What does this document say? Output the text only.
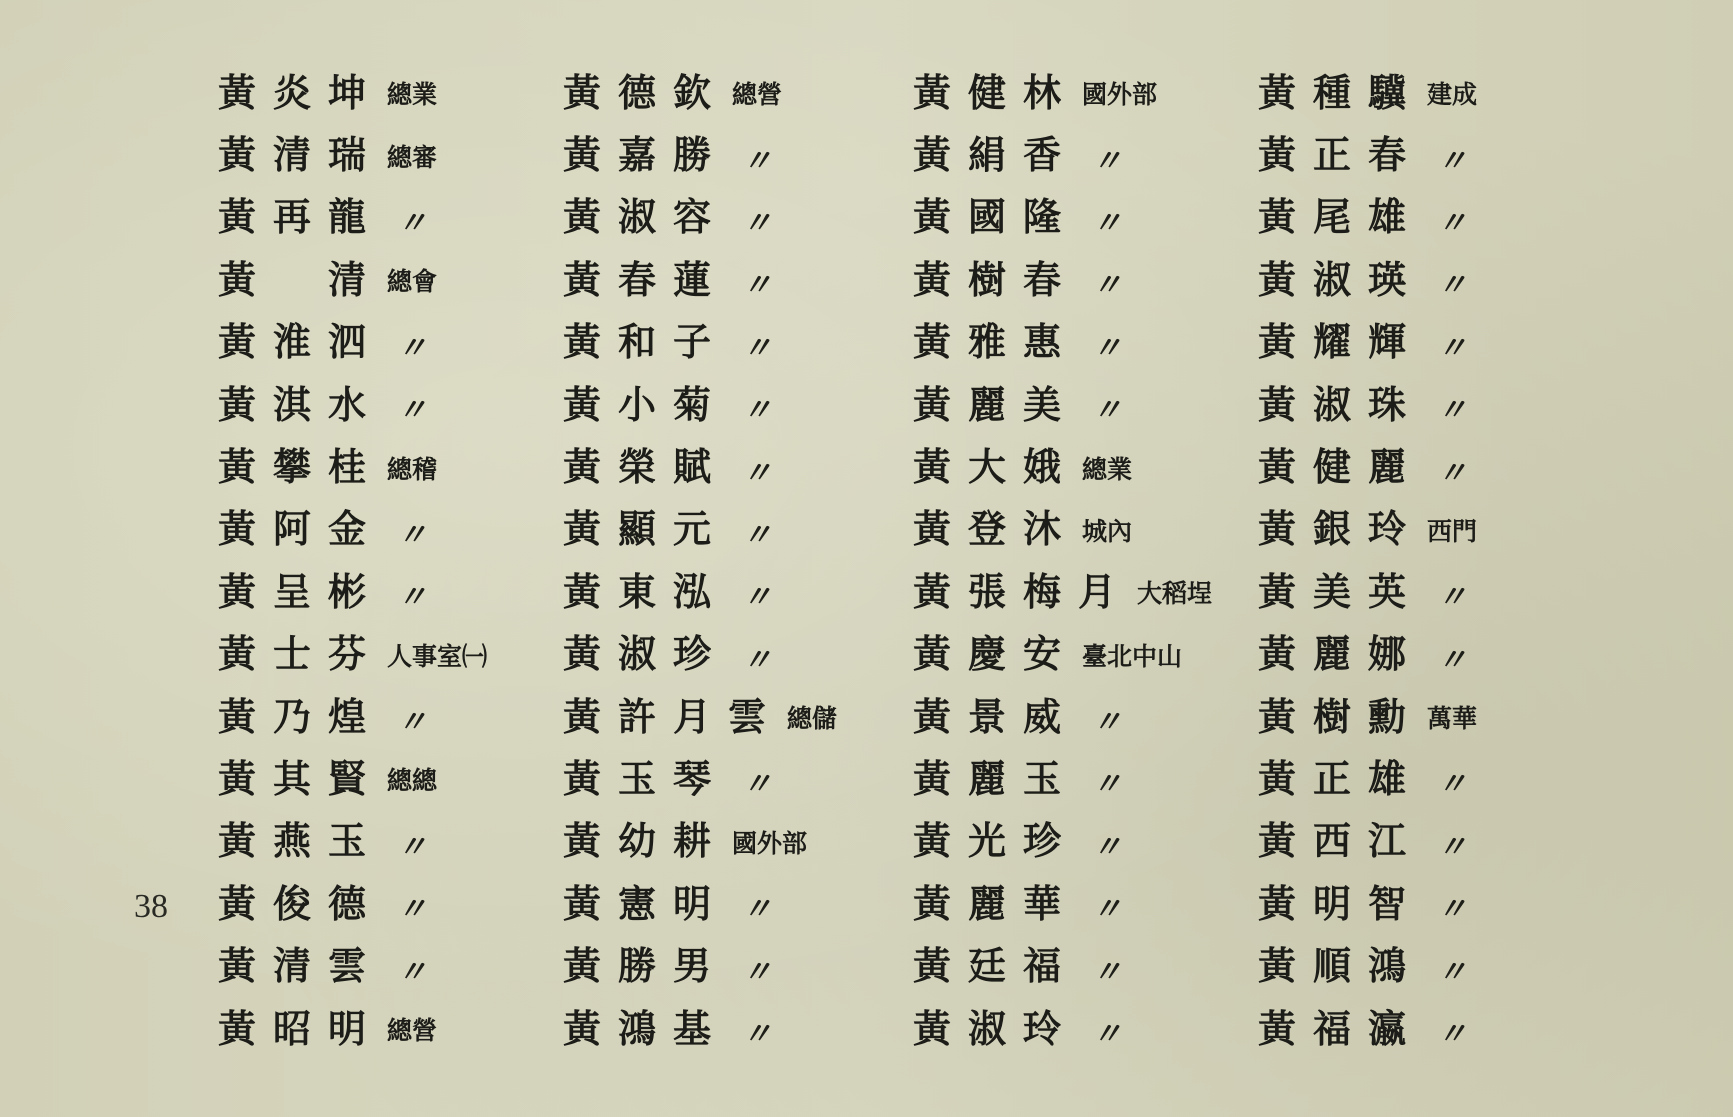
黃炎坤 總業
黃清瑞 總審
黃再龍 〃
黃　清 總會
黃淮泗 〃
黃淇水 〃
黃攀桂 總稽
黃阿金 〃
黃呈彬 〃
黃士芬 人事室㈠
黃乃煌 〃
黃其賢 總總
黃燕玉 〃
黃俊德 〃
黃清雲 〃
黃昭明 總營
黃德欽 總營
黃嘉勝 〃
黃淑容 〃
黃春蓮 〃
黃和子 〃
黃小菊 〃
黃榮賦 〃
黃顯元 〃
黃東泓 〃
黃淑珍 〃
黃許月雲 總儲
黃玉琴 〃
黃幼耕 國外部
黃憲明 〃
黃勝男 〃
黃鴻基 〃
黃健林 國外部
黃絹香 〃
黃國隆 〃
黃樹春 〃
黃雅惠 〃
黃麗美 〃
黃大娥 總業
黃登沐 城內
黃張梅月 大稻埕
黃慶安 臺北中山
黃景威 〃
黃麗玉 〃
黃光珍 〃
黃麗華 〃
黃廷福 〃
黃淑玲 〃
黃種驥 建成
黃正春 〃
黃尾雄 〃
黃淑瑛 〃
黃耀輝 〃
黃淑珠 〃
黃健麗 〃
黃銀玲 西門
黃美英 〃
黃麗娜 〃
黃樹勳 萬華
黃正雄 〃
黃西江 〃
黃明智 〃
黃順鴻 〃
黃福瀛 〃
38
